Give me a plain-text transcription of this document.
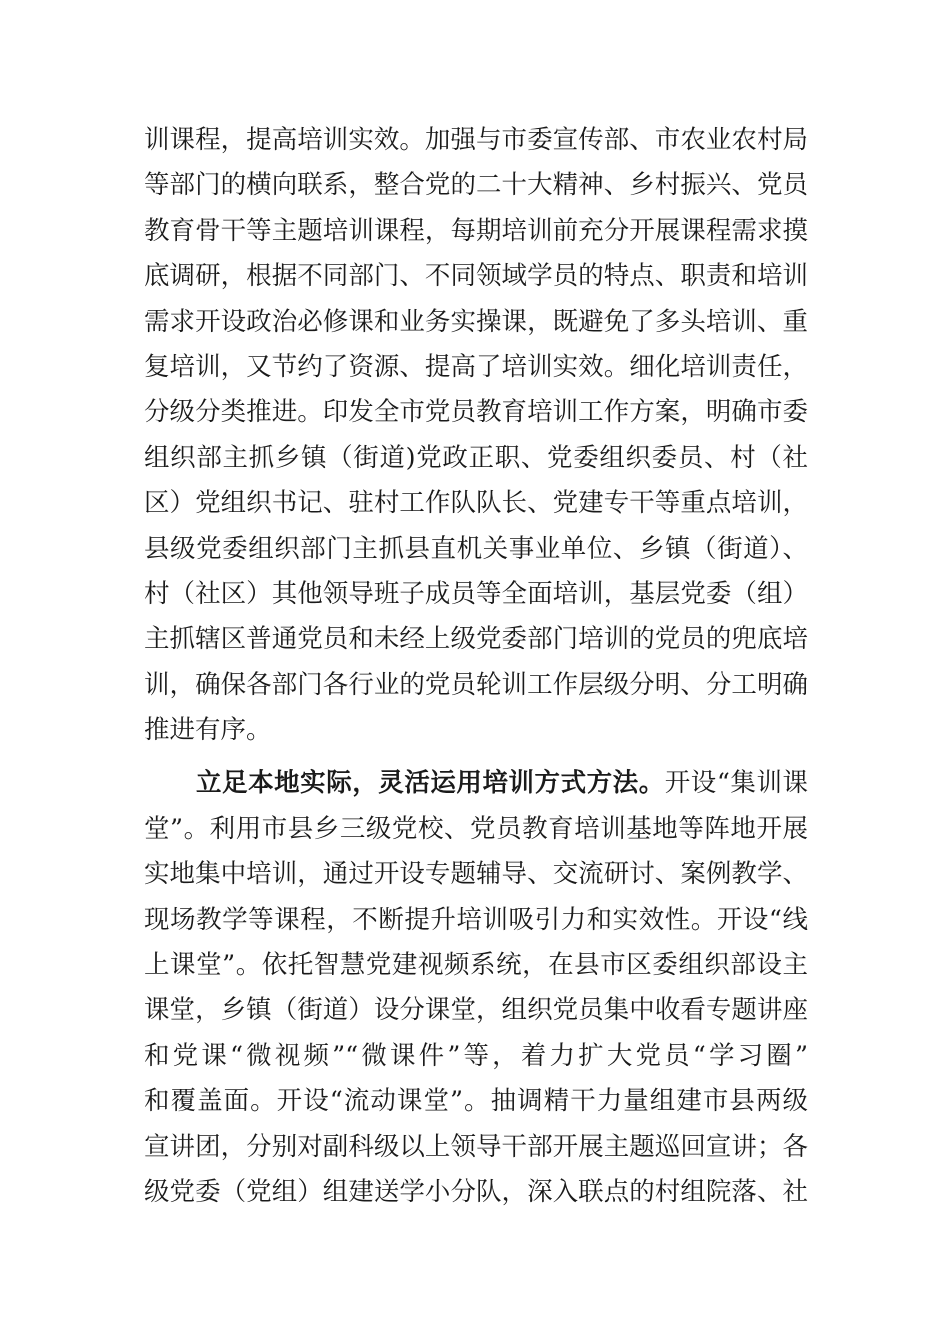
训课程，提高培训实效。加强与市委宣传部、市农业农村局
等部门的横向联系，整合党的二十大精神、乡村振兴、党员
教育骨干等主题培训课程，每期培训前充分开展课程需求摸
底调研，根据不同部门、不同领域学员的特点、职责和培训
需求开设政治必修课和业务实操课，既避免了多头培训、重
复培训，又节约了资源、提高了培训实效。细化培训责任，
分级分类推进。印发全市党员教育培训工作方案，明确市委
组织部主抓乡镇（街道)党政正职、党委组织委员、村（社
区）党组织书记、驻村工作队队长、党建专干等重点培训，
县级党委组织部门主抓县直机关事业单位、乡镇（街道）、
村（社区）其他领导班子成员等全面培训，基层党委（组）
主抓辖区普通党员和未经上级党委部门培训的党员的兜底培
训，确保各部门各行业的党员轮训工作层级分明、分工明确
推进有序。
立足本地实际，灵活运用培训方式方法。开设“集训课
堂”。利用市县乡三级党校、党员教育培训基地等阵地开展
实地集中培训，通过开设专题辅导、交流研讨、案例教学、
现场教学等课程，不断提升培训吸引力和实效性。开设“线
上课堂”。依托智慧党建视频系统，在县市区委组织部设主
课堂，乡镇（街道）设分课堂，组织党员集中收看专题讲座
和党课“微视频”“微课件”等，着力扩大党员“学习圈”
和覆盖面。开设“流动课堂”。抽调精干力量组建市县两级
宣讲团，分别对副科级以上领导干部开展主题巡回宣讲；各
级党委（党组）组建送学小分队，深入联点的村组院落、社
